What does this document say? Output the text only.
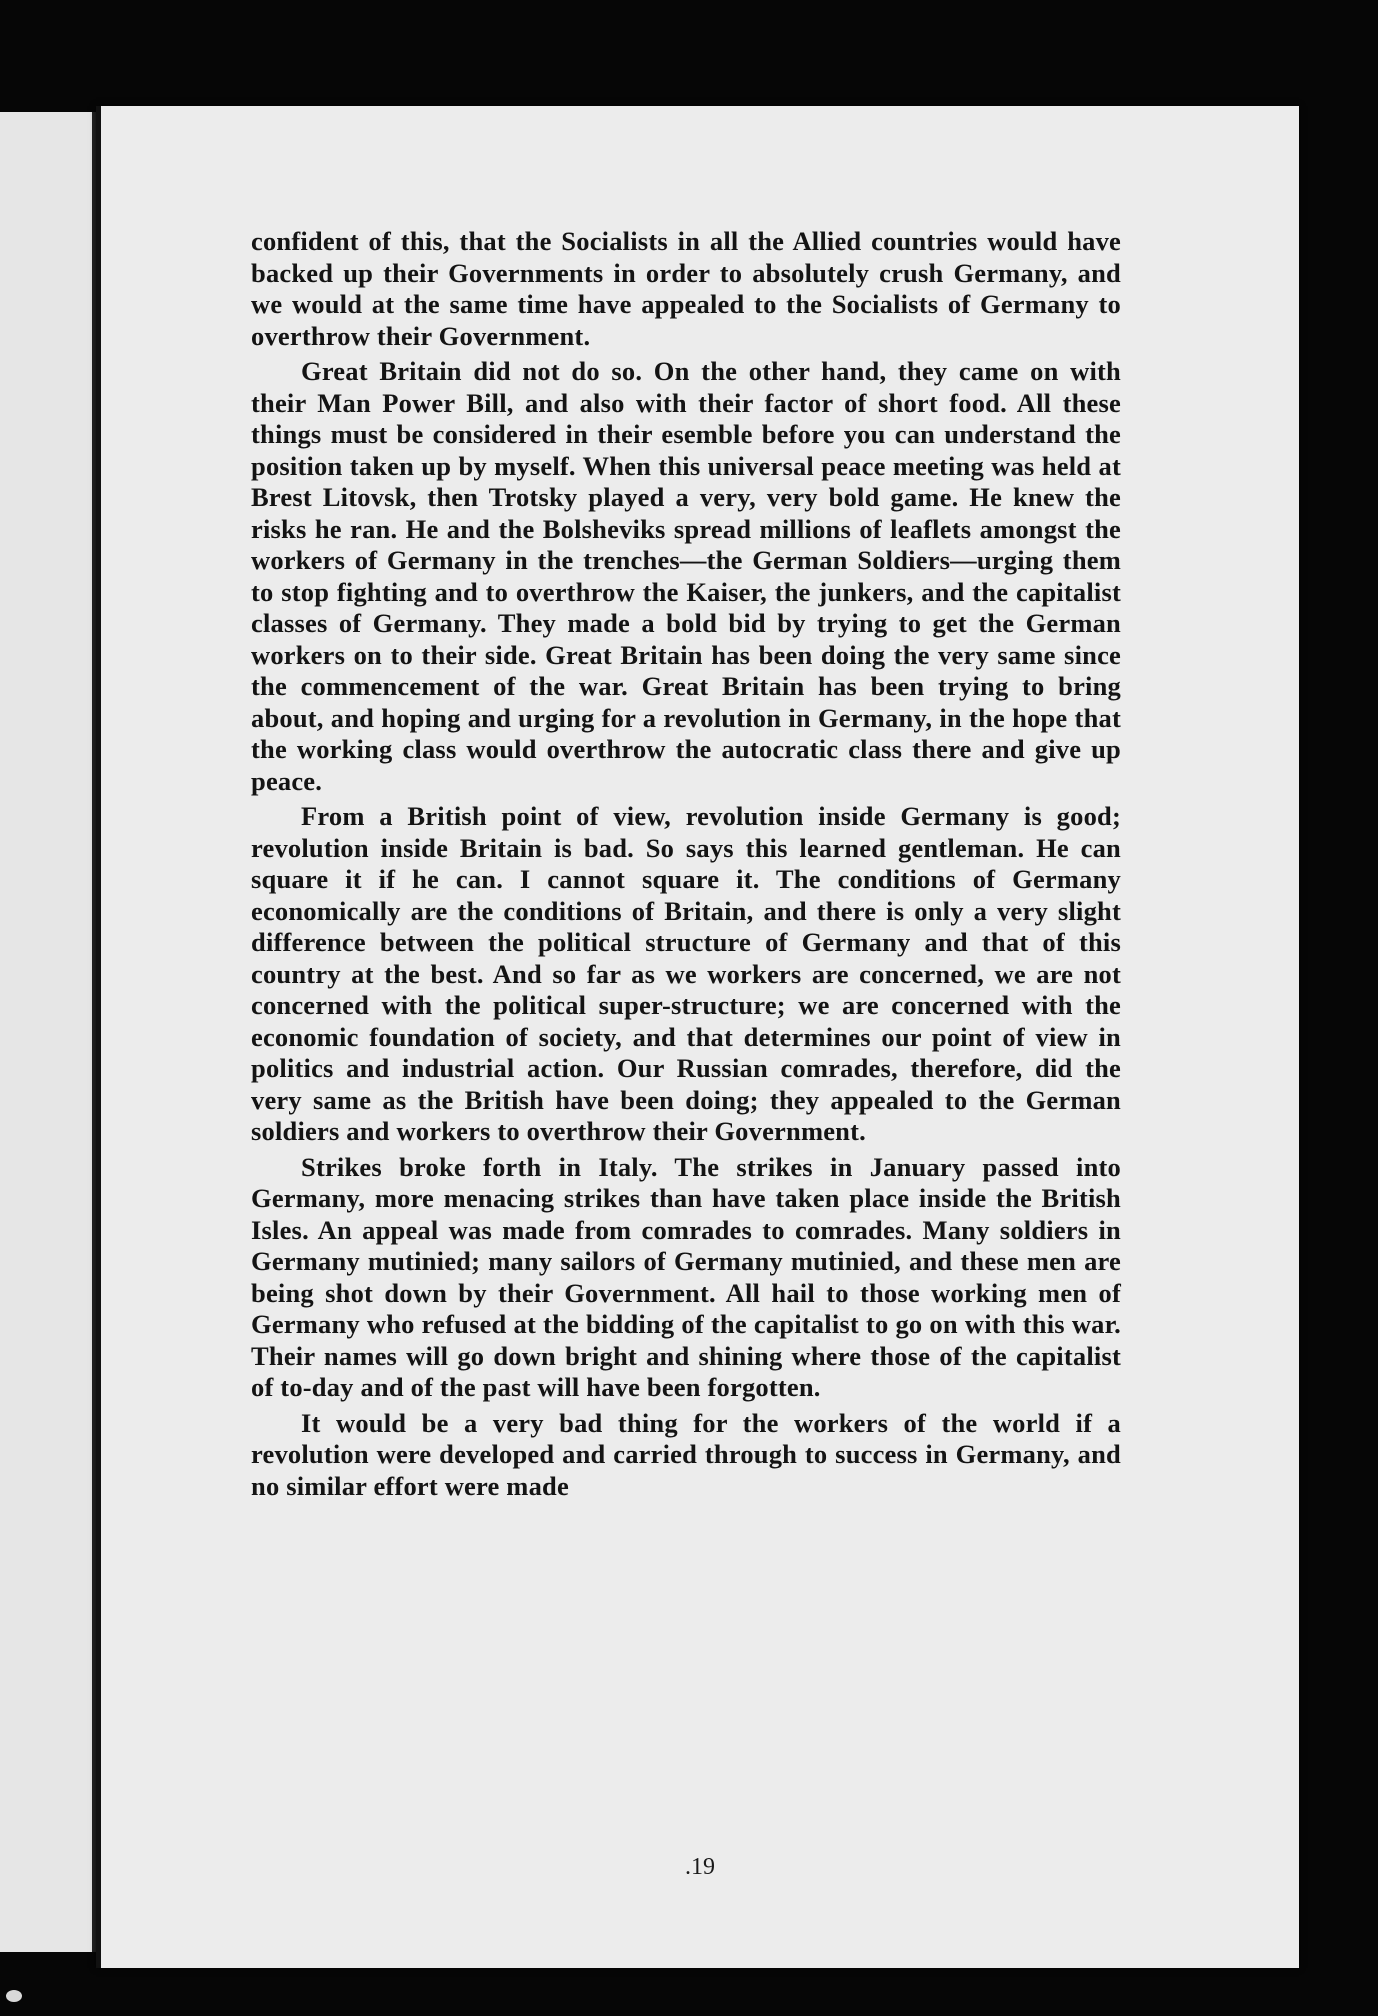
confident of this, that the Socialists in all the Allied countries would have backed up their Governments in order to absolutely crush Germany, and we would at the same time have appealed to the Socialists of Germany to overthrow their Government.

Great Britain did not do so. On the other hand, they came on with their Man Power Bill, and also with their factor of short food. All these things must be considered in their esemble before you can understand the position taken up by myself. When this universal peace meeting was held at Brest Litovsk, then Trotsky played a very, very bold game. He knew the risks he ran. He and the Bolsheviks spread millions of leaflets amongst the workers of Germany in the trenches—the German Soldiers—urging them to stop fighting and to overthrow the Kaiser, the junkers, and the capitalist classes of Germany. They made a bold bid by trying to get the German workers on to their side. Great Britain has been doing the very same since the commencement of the war. Great Britain has been trying to bring about, and hoping and urging for a revolution in Germany, in the hope that the working class would overthrow the autocratic class there and give up peace.

From a British point of view, revolution inside Germany is good; revolution inside Britain is bad. So says this learned gentleman. He can square it if he can. I cannot square it. The conditions of Germany economically are the conditions of Britain, and there is only a very slight difference between the political structure of Germany and that of this country at the best. And so far as we workers are concerned, we are not concerned with the political super-structure; we are concerned with the economic foundation of society, and that determines our point of view in politics and industrial action. Our Russian comrades, therefore, did the very same as the British have been doing; they appealed to the German soldiers and workers to overthrow their Government.

Strikes broke forth in Italy. The strikes in January passed into Germany, more menacing strikes than have taken place inside the British Isles. An appeal was made from comrades to comrades. Many soldiers in Germany mutinied; many sailors of Germany mutinied, and these men are being shot down by their Government. All hail to those working men of Germany who refused at the bidding of the capitalist to go on with this war. Their names will go down bright and shining where those of the capitalist of to-day and of the past will have been forgotten.

It would be a very bad thing for the workers of the world if a revolution were developed and carried through to success in Germany, and no similar effort were made

.19
